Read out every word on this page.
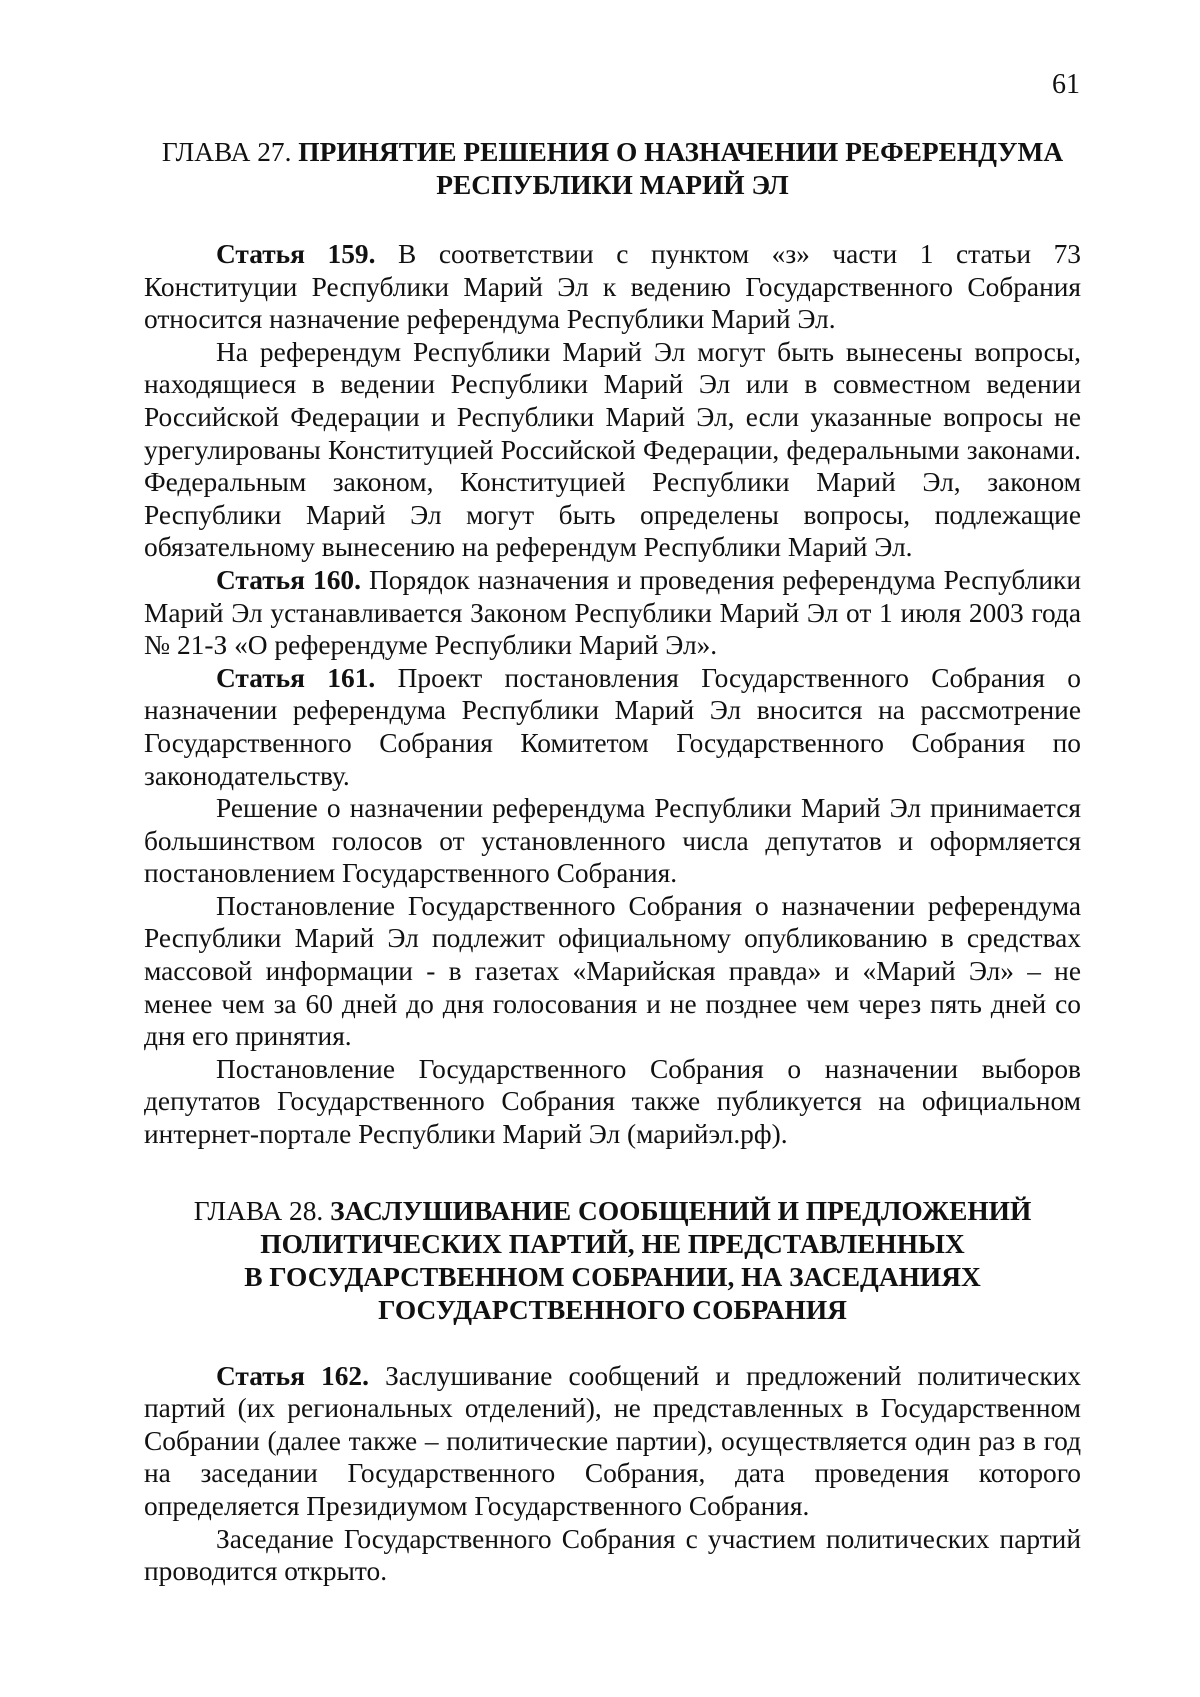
61
ГЛАВА 27. ПРИНЯТИЕ РЕШЕНИЯ О НАЗНАЧЕНИИ РЕФЕРЕНДУМА
РЕСПУБЛИКИ МАРИЙ ЭЛ

Статья 159. В соответствии с пунктом «з» части 1 статьи 73 Конституции Республики Марий Эл к ведению Государственного Собрания относится назначение референдума Республики Марий Эл.

На референдум Республики Марий Эл могут быть вынесены вопросы, находящиеся в ведении Республики Марий Эл или в совместном ведении Российской Федерации и Республики Марий Эл, если указанные вопросы не урегулированы Конституцией Российской Федерации, федеральными законами. Федеральным законом, Конституцией Республики Марий Эл, законом Республики Марий Эл могут быть определены вопросы, подлежащие обязательному вынесению на референдум Республики Марий Эл.

Статья 160. Порядок назначения и проведения референдума Республики Марий Эл устанавливается Законом Республики Марий Эл от 1 июля 2003 года № 21-З «О референдуме Республики Марий Эл».

Статья 161. Проект постановления Государственного Собрания о назначении референдума Республики Марий Эл вносится на рассмотрение Государственного Собрания Комитетом Государственного Собрания по законодательству.

Решение о назначении референдума Республики Марий Эл принимается большинством голосов от установленного числа депутатов и оформляется постановлением Государственного Собрания.

Постановление Государственного Собрания о назначении референдума Республики Марий Эл подлежит официальному опубликованию в средствах массовой информации - в газетах «Марийская правда» и «Марий Эл» – не менее чем за 60 дней до дня голосования и не позднее чем через пять дней со дня его принятия.

Постановление Государственного Собрания о назначении выборов депутатов Государственного Собрания также публикуется на официальном интернет-портале Республики Марий Эл (марийэл.рф).

ГЛАВА 28. ЗАСЛУШИВАНИЕ СООБЩЕНИЙ И ПРЕДЛОЖЕНИЙ
ПОЛИТИЧЕСКИХ ПАРТИЙ, НЕ ПРЕДСТАВЛЕННЫХ
В ГОСУДАРСТВЕННОМ СОБРАНИИ, НА ЗАСЕДАНИЯХ
ГОСУДАРСТВЕННОГО СОБРАНИЯ

Статья 162. Заслушивание сообщений и предложений политических партий (их региональных отделений), не представленных в Государственном Собрании (далее также – политические партии), осуществляется один раз в год на заседании Государственного Собрания, дата проведения которого определяется Президиумом Государственного Собрания.

Заседание Государственного Собрания с участием политических партий проводится открыто.
